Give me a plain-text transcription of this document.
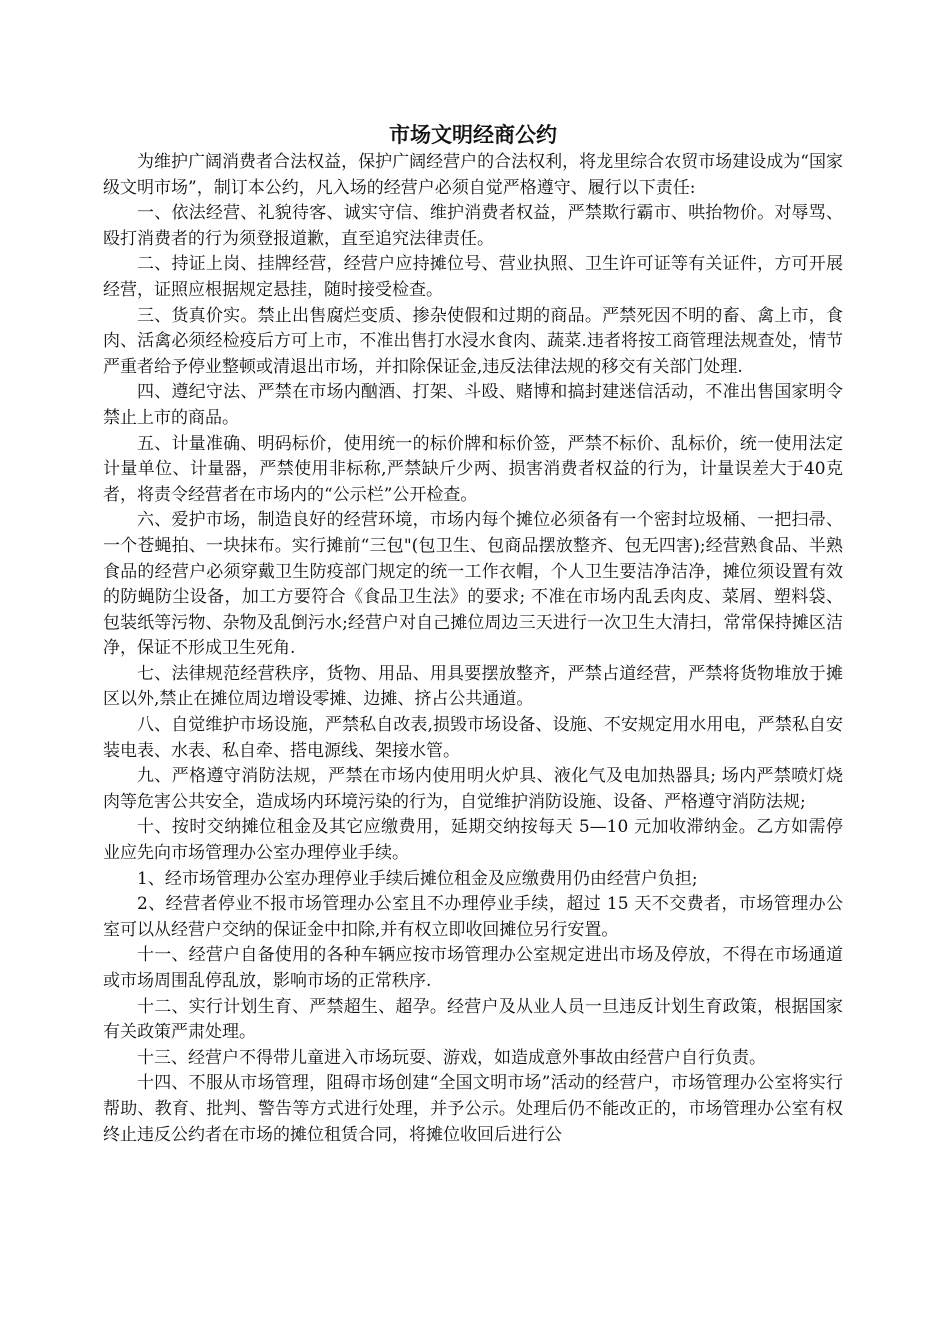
市场文明经商公约

为维护广阔消费者合法权益，保护广阔经营户的合法权利，将龙里综合农贸市场建设成为“国家级文明市场”，制订本公约，凡入场的经营户必须自觉严格遵守、履行以下责任:

一、依法经营、礼貌待客、诚实守信、维护消费者权益，严禁欺行霸市、哄抬物价。对辱骂、殴打消费者的行为须登报道歉，直至追究法律责任。

二、持证上岗、挂牌经营，经营户应持摊位号、营业执照、卫生许可证等有关证件，方可开展经营，证照应根据规定悬挂，随时接受检查。

三、货真价实。禁止出售腐烂变质、掺杂使假和过期的商品。严禁死因不明的畜、禽上市，食肉、活禽必须经检疫后方可上市，不准出售打水浸水食肉、蔬菜.违者将按工商管理法规查处，情节严重者给予停业整顿或清退出市场，并扣除保证金,违反法律法规的移交有关部门处理.

四、遵纪守法、严禁在市场内酗酒、打架、斗殴、赌博和搞封建迷信活动，不准出售国家明令禁止上市的商品。

五、计量准确、明码标价，使用统一的标价牌和标价签，严禁不标价、乱标价，统一使用法定计量单位、计量器，严禁使用非标称,严禁缺斤少两、损害消费者权益的行为，计量误差大于40克者，将责令经营者在市场内的“公示栏”公开检查。

六、爱护市场，制造良好的经营环境，市场内每个摊位必须备有一个密封垃圾桶、一把扫帚、一个苍蝇拍、一块抹布。实行摊前“三包"(包卫生、包商品摆放整齐、包无四害);经营熟食品、半熟食品的经营户必须穿戴卫生防疫部门规定的统一工作衣帽，个人卫生要洁净洁净，摊位须设置有效的防蝇防尘设备，加工方要符合《食品卫生法》的要求; 不准在市场内乱丢肉皮、菜屑、塑料袋、包装纸等污物、杂物及乱倒污水;经营户对自己摊位周边三天进行一次卫生大清扫，常常保持摊区洁净，保证不形成卫生死角.

七、法律规范经营秩序，货物、用品、用具要摆放整齐，严禁占道经营，严禁将货物堆放于摊区以外,禁止在摊位周边增设零摊、边摊、挤占公共通道。

八、自觉维护市场设施，严禁私自改表,损毁市场设备、设施、不安规定用水用电，严禁私自安装电表、水表、私自牵、搭电源线、架接水管。

九、严格遵守消防法规，严禁在市场内使用明火炉具、液化气及电加热器具; 场内严禁喷灯烧肉等危害公共安全，造成场内环境污染的行为，自觉维护消防设施、设备、严格遵守消防法规;

十、按时交纳摊位租金及其它应缴费用，延期交纳按每天 5—10 元加收滞纳金。乙方如需停业应先向市场管理办公室办理停业手续。

1、经市场管理办公室办理停业手续后摊位租金及应缴费用仍由经营户负担;

2、经营者停业不报市场管理办公室且不办理停业手续，超过 15 天不交费者，市场管理办公室可以从经营户交纳的保证金中扣除,并有权立即收回摊位另行安置。

十一、经营户自备使用的各种车辆应按市场管理办公室规定进出市场及停放，不得在市场通道或市场周围乱停乱放，影响市场的正常秩序.

十二、实行计划生育、严禁超生、超孕。经营户及从业人员一旦违反计划生育政策，根据国家有关政策严肃处理。

十三、经营户不得带儿童进入市场玩耍、游戏，如造成意外事故由经营户自行负责。

十四、不服从市场管理，阻碍市场创建“全国文明市场”活动的经营户，市场管理办公室将实行帮助、教育、批判、警告等方式进行处理，并予公示。处理后仍不能改正的，市场管理办公室有权终止违反公约者在市场的摊位租赁合同，将摊位收回后进行公
